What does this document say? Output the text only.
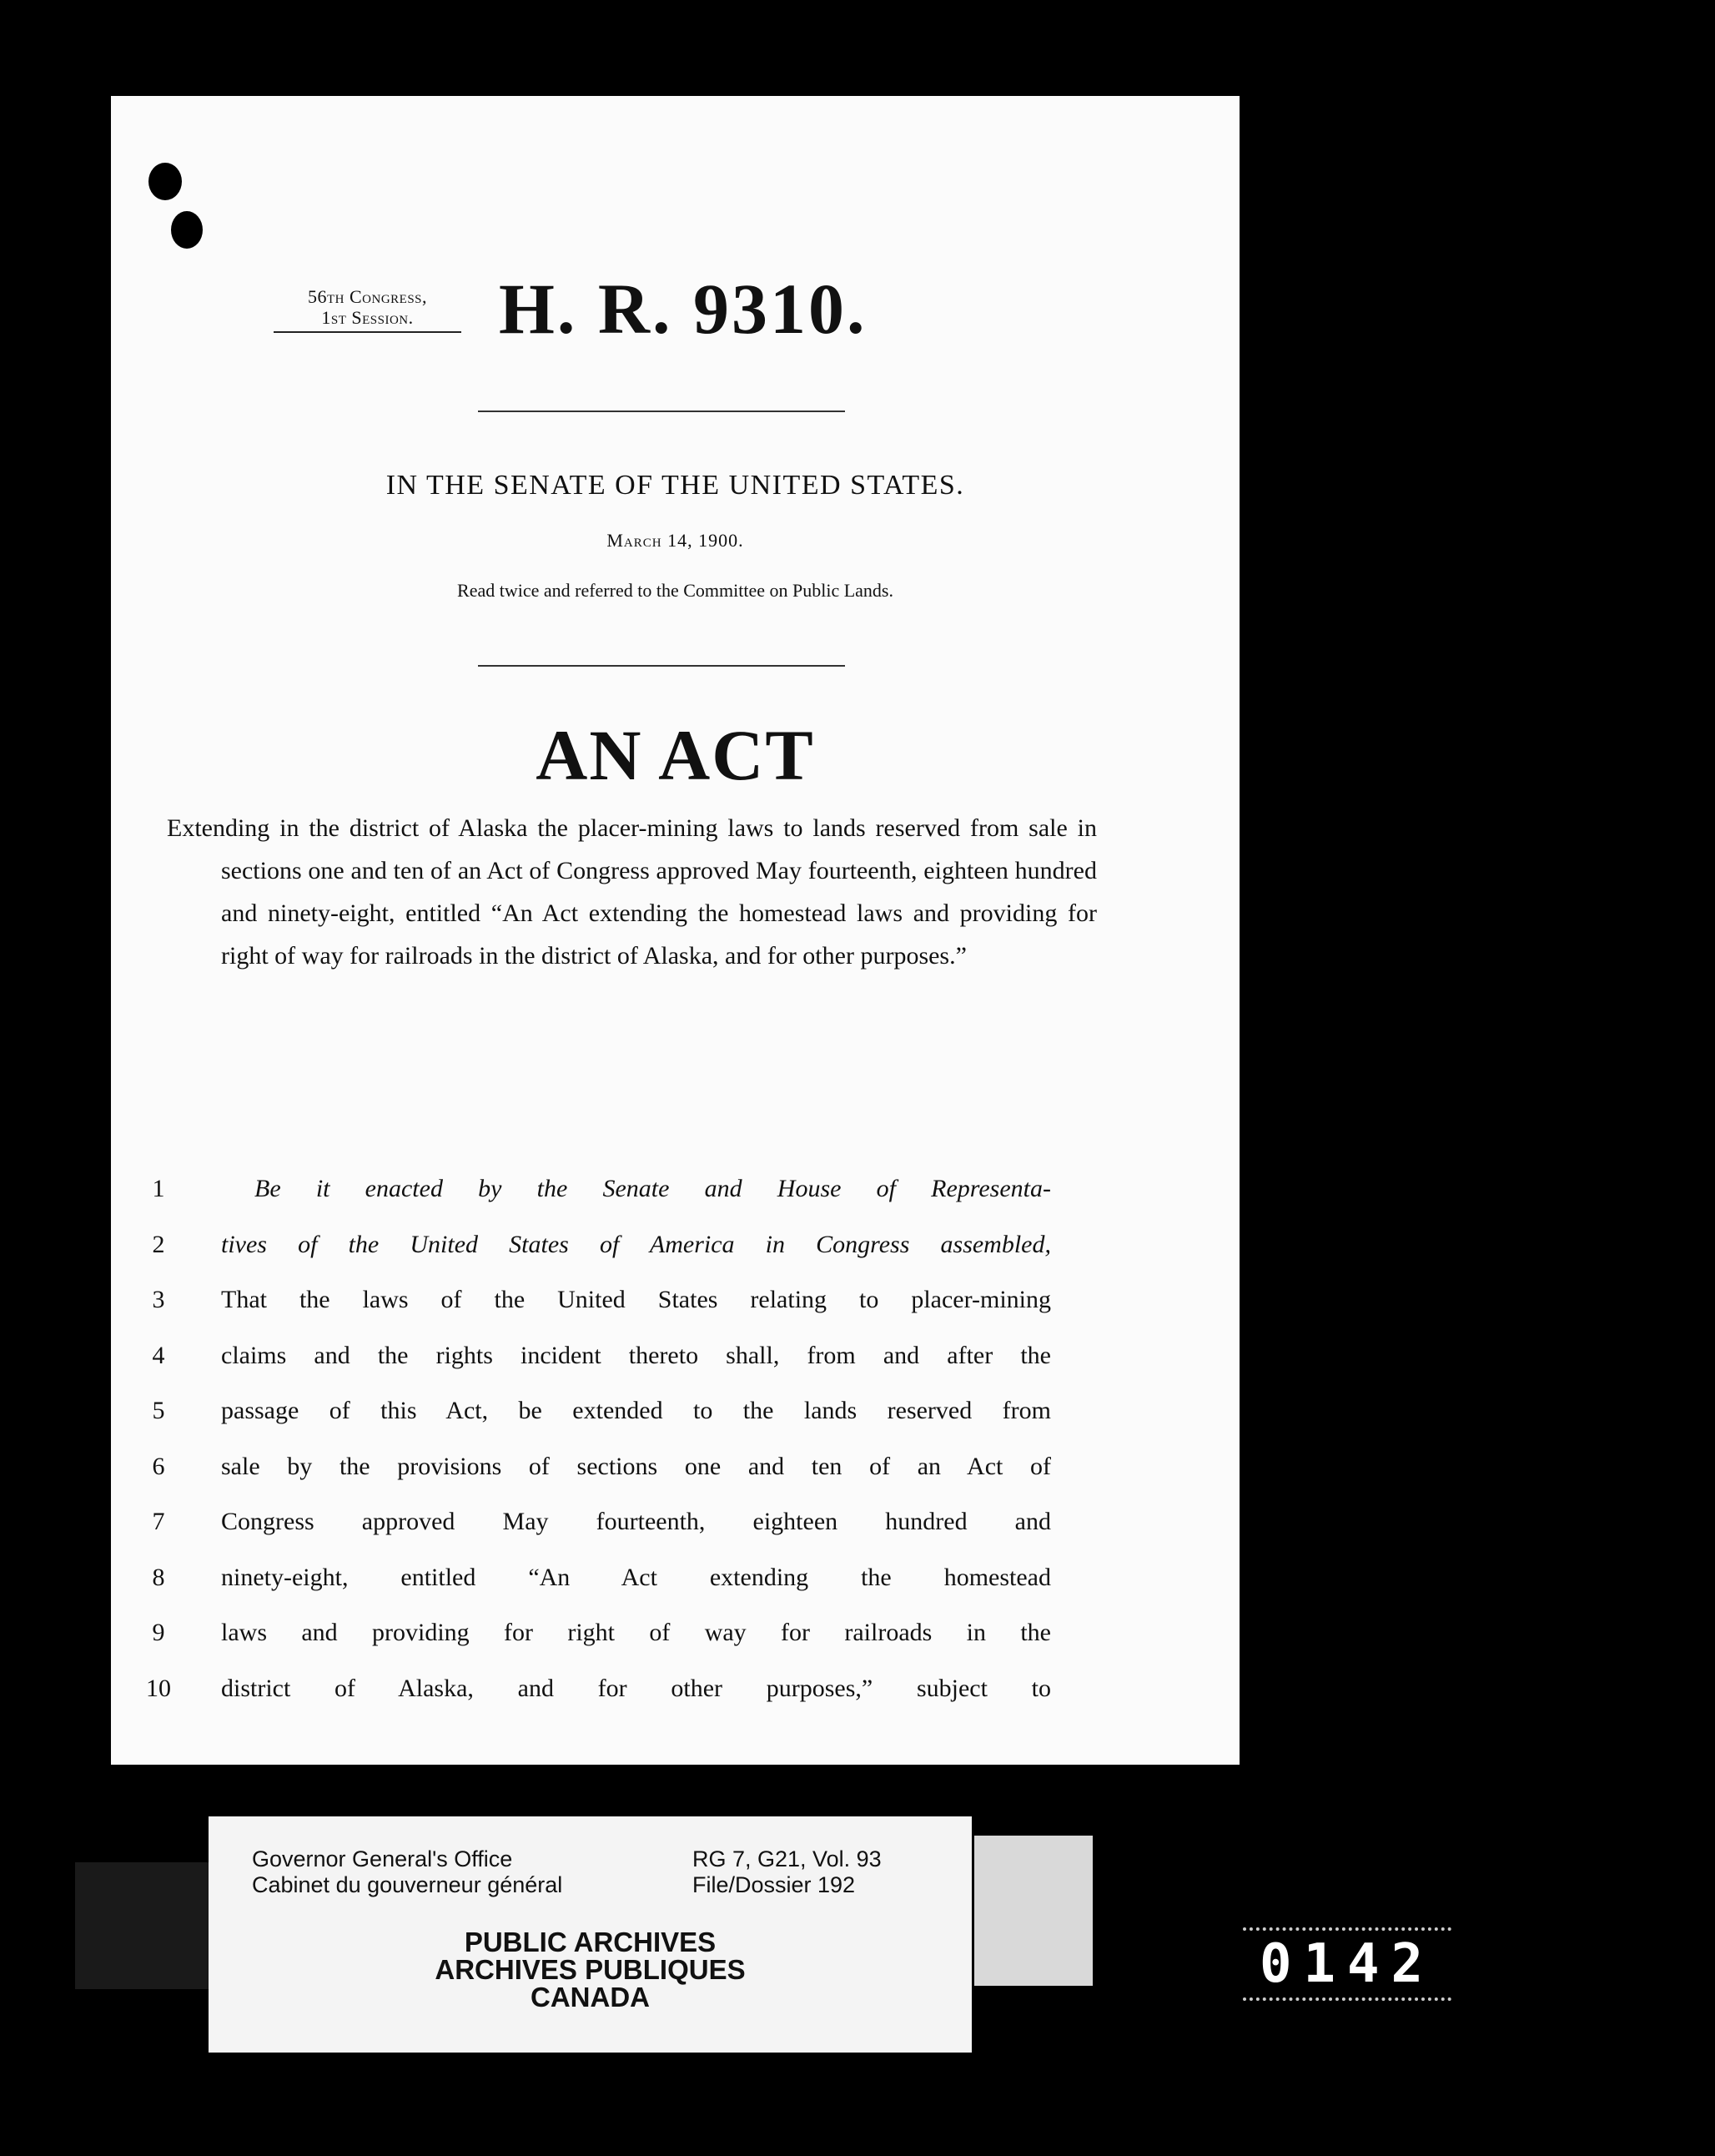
56th Congress,
1st Session.	H. R. 9310.
IN THE SENATE OF THE UNITED STATES.
March 14, 1900.
Read twice and referred to the Committee on Public Lands.
AN ACT
Extending in the district of Alaska the placer-mining laws to lands reserved from sale in sections one and ten of an Act of Congress approved May fourteenth, eighteen hundred and ninety-eight, entitled “An Act extending the homestead laws and providing for right of way for railroads in the district of Alaska, and for other purposes.”
1	Be it enacted by the Senate and House of Representa-
2	tives of the United States of America in Congress assembled,
3	That the laws of the United States relating to placer-mining
4	claims and the rights incident thereto shall, from and after the
5	passage of this Act, be extended to the lands reserved from
6	sale by the provisions of sections one and ten of an Act of
7	Congress approved May fourteenth, eighteen hundred and
8	ninety-eight, entitled “An Act extending the homestead
9	laws and providing for right of way for railroads in the
10 district of Alaska, and for other purposes,” subject to
Governor General's Office
Cabinet du gouverneur général
RG 7, G21, Vol. 93
File/Dossier 192
PUBLIC ARCHIVES
ARCHIVES PUBLIQUES
CANADA
0142
